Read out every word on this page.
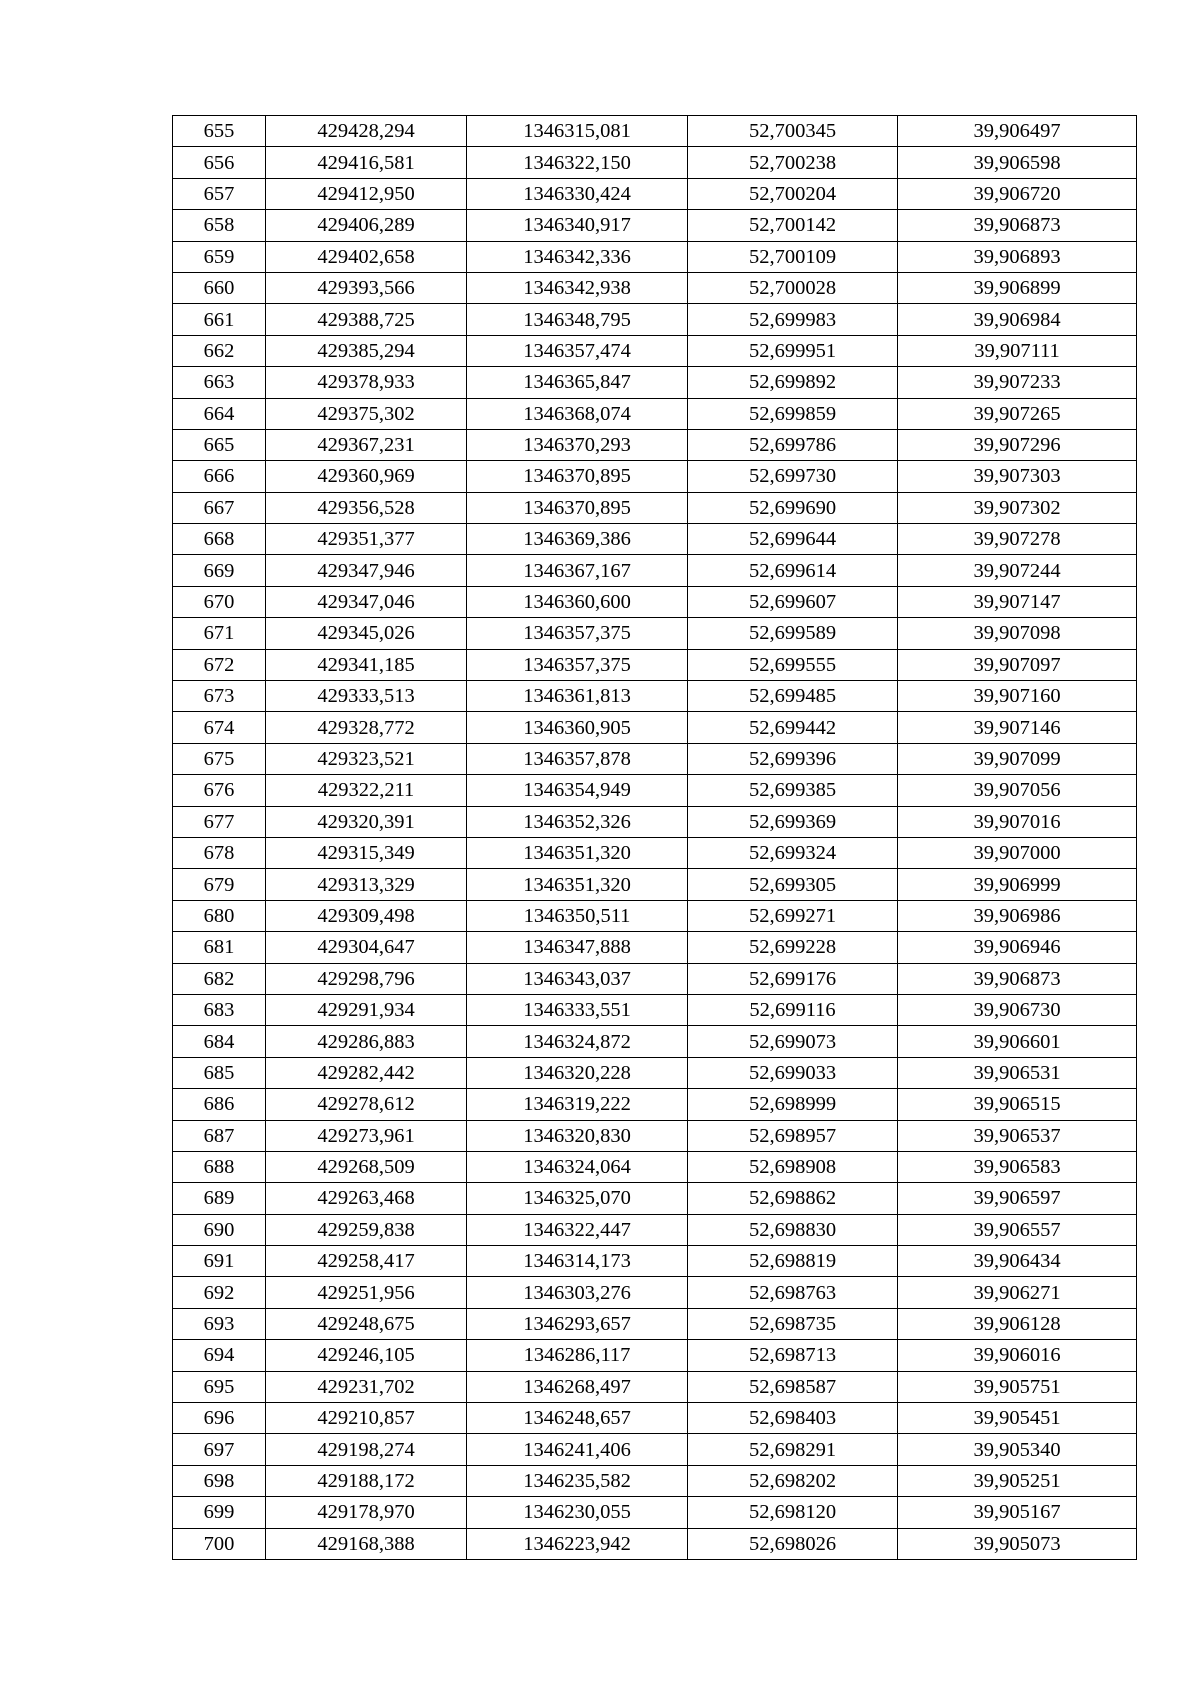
655	429428,294	1346315,081	52,700345	39,906497
656	429416,581	1346322,150	52,700238	39,906598
657	429412,950	1346330,424	52,700204	39,906720
658	429406,289	1346340,917	52,700142	39,906873
659	429402,658	1346342,336	52,700109	39,906893
660	429393,566	1346342,938	52,700028	39,906899
661	429388,725	1346348,795	52,699983	39,906984
662	429385,294	1346357,474	52,699951	39,907111
663	429378,933	1346365,847	52,699892	39,907233
664	429375,302	1346368,074	52,699859	39,907265
665	429367,231	1346370,293	52,699786	39,907296
666	429360,969	1346370,895	52,699730	39,907303
667	429356,528	1346370,895	52,699690	39,907302
668	429351,377	1346369,386	52,699644	39,907278
669	429347,946	1346367,167	52,699614	39,907244
670	429347,046	1346360,600	52,699607	39,907147
671	429345,026	1346357,375	52,699589	39,907098
672	429341,185	1346357,375	52,699555	39,907097
673	429333,513	1346361,813	52,699485	39,907160
674	429328,772	1346360,905	52,699442	39,907146
675	429323,521	1346357,878	52,699396	39,907099
676	429322,211	1346354,949	52,699385	39,907056
677	429320,391	1346352,326	52,699369	39,907016
678	429315,349	1346351,320	52,699324	39,907000
679	429313,329	1346351,320	52,699305	39,906999
680	429309,498	1346350,511	52,699271	39,906986
681	429304,647	1346347,888	52,699228	39,906946
682	429298,796	1346343,037	52,699176	39,906873
683	429291,934	1346333,551	52,699116	39,906730
684	429286,883	1346324,872	52,699073	39,906601
685	429282,442	1346320,228	52,699033	39,906531
686	429278,612	1346319,222	52,698999	39,906515
687	429273,961	1346320,830	52,698957	39,906537
688	429268,509	1346324,064	52,698908	39,906583
689	429263,468	1346325,070	52,698862	39,906597
690	429259,838	1346322,447	52,698830	39,906557
691	429258,417	1346314,173	52,698819	39,906434
692	429251,956	1346303,276	52,698763	39,906271
693	429248,675	1346293,657	52,698735	39,906128
694	429246,105	1346286,117	52,698713	39,906016
695	429231,702	1346268,497	52,698587	39,905751
696	429210,857	1346248,657	52,698403	39,905451
697	429198,274	1346241,406	52,698291	39,905340
698	429188,172	1346235,582	52,698202	39,905251
699	429178,970	1346230,055	52,698120	39,905167
700	429168,388	1346223,942	52,698026	39,905073
